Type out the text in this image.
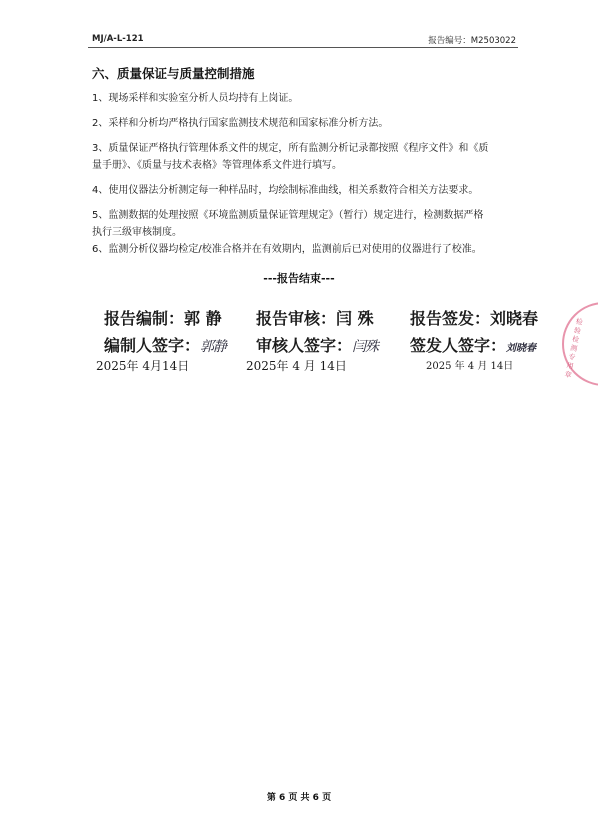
MJ/A-L-121	报告编号：M2503022
六、质量保证与质量控制措施
1、现场采样和实验室分析人员均持有上岗证。
2、采样和分析均严格执行国家监测技术规范和国家标准分析方法。
3、质量保证严格执行管理体系文件的规定，所有监测分析记录都按照《程序文件》和《质
量手册》、《质量与技术表格》等管理体系文件进行填写。
4、使用仪器法分析测定每一种样品时，均绘制标准曲线，相关系数符合相关方法要求。
5、监测数据的处理按照《环境监测质量保证管理规定》（暂行）规定进行，检测数据严格
执行三级审核制度。
6、监测分析仪器均检定/校准合格并在有效期内，监测前后已对使用的仪器进行了校准。
---报告结束---
报告编制：郭 静
编制人签字：郭静
2025年 4月14日
报告审核：闫 殊
审核人签字：闫殊
2025年 4 月 14日
报告签发：刘晓春
签发人签字：刘晓春
2025 年 4 月 14日
检验检测专用章
第 6 页 共 6 页
